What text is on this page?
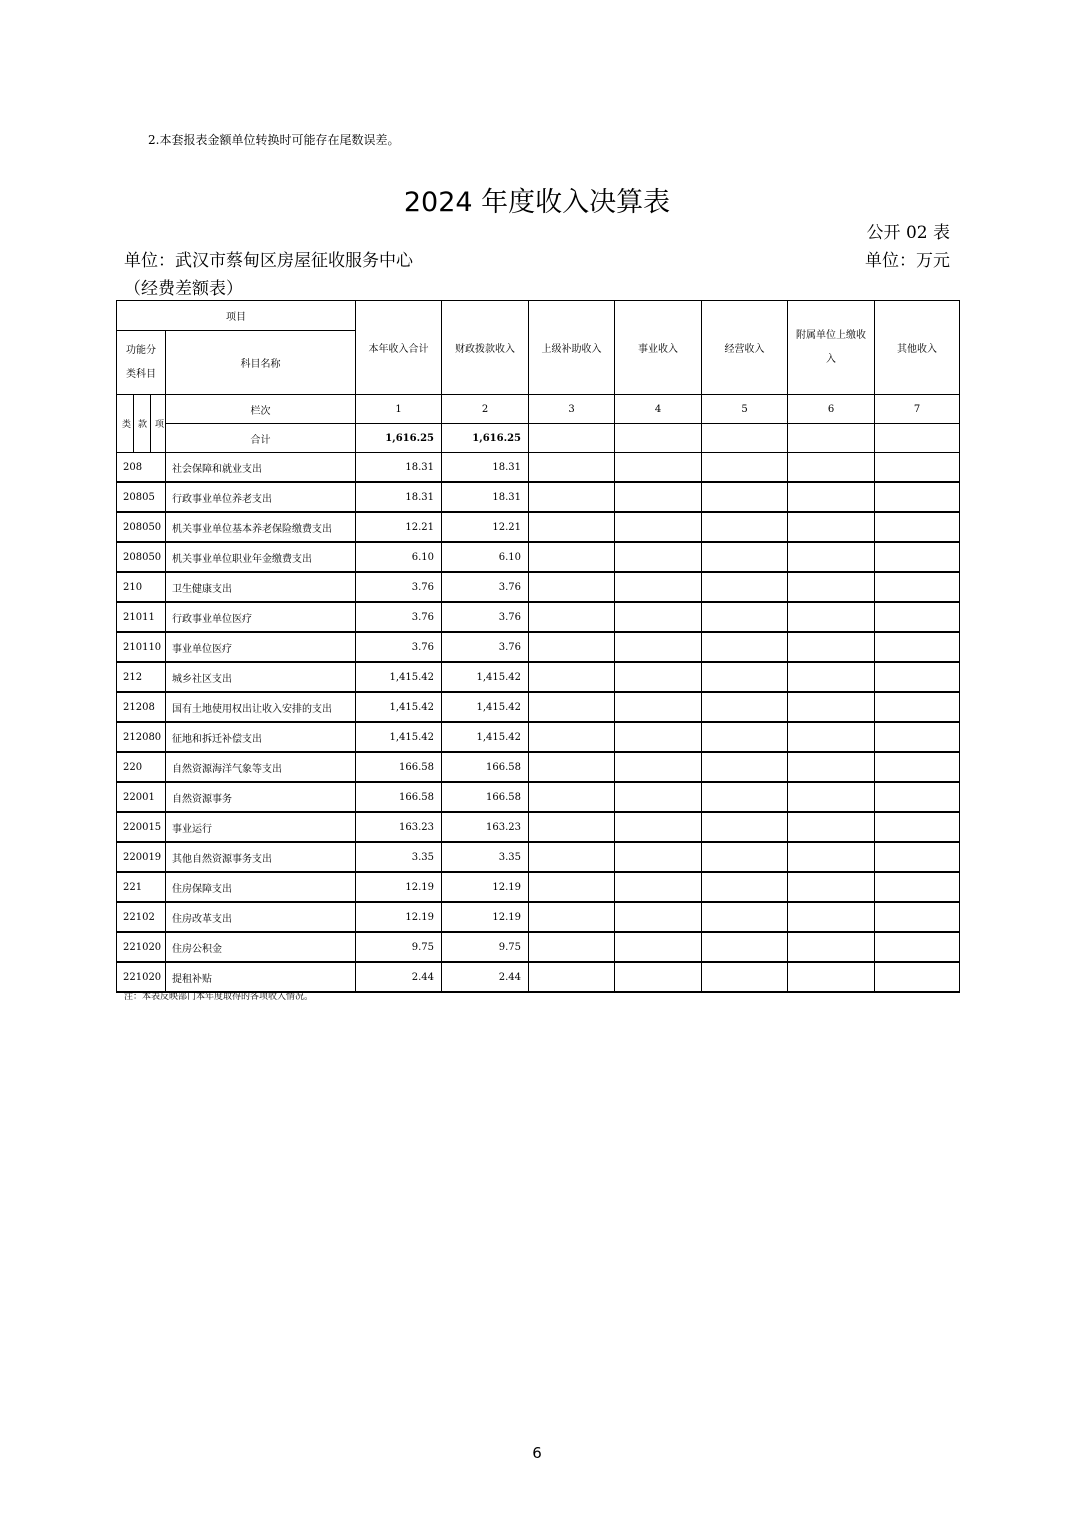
2.本套报表金额单位转换时可能存在尾数误差。
2024 年度收入决算表
公开 02 表
单位：武汉市蔡甸区房屋征收服务中心	单位：万元
（经费差额表）
项目		本年收入合计	财政拨款收入	上级补助收入	事业收入	经营收入	附属单位上缴收
入	其他收入

功能分
类科目	科目名称							

类 款 项	栏次	1	2	3	4	5	6	7
	合计	1,616.25	1,616.25					
208	社会保障和就业支出	18.31	18.31					
20805	行政事业单位养老支出	18.31	18.31					
208050	机关事业单位基本养老保险缴费支出	12.21	12.21					
208050	机关事业单位职业年金缴费支出	6.10	6.10					
210	卫生健康支出	3.76	3.76					
21011	行政事业单位医疗	3.76	3.76					
210110	事业单位医疗	3.76	3.76					
212	城乡社区支出	1,415.42	1,415.42					
21208	国有土地使用权出让收入安排的支出	1,415.42	1,415.42					
212080	征地和拆迁补偿支出	1,415.42	1,415.42					
220	自然资源海洋气象等支出	166.58	166.58					
22001	自然资源事务	166.58	166.58					
220015	事业运行	163.23	163.23					
220019	其他自然资源事务支出	3.35	3.35					
221	住房保障支出	12.19	12.19					
22102	住房改革支出	12.19	12.19					
221020	住房公积金	9.75	9.75					
221020	提租补贴	2.44	2.44					
注：本表反映部门本年度取得的各项收入情况。
6
